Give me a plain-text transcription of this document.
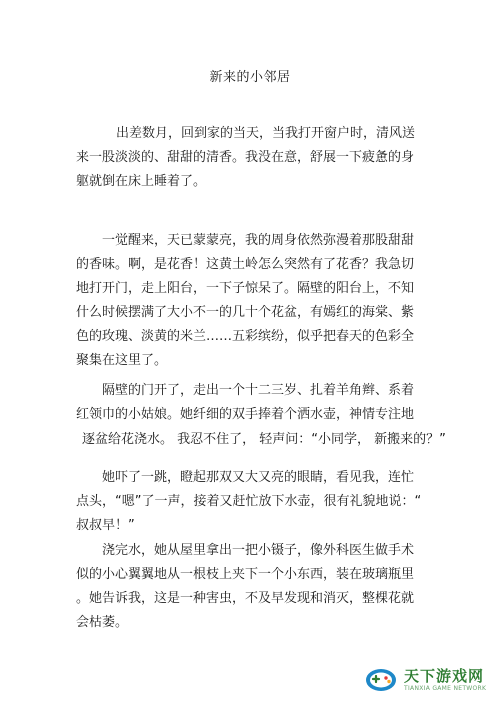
新来的小邻居
出差数月，回到家的当天，当我打开窗户时，清风送
来一股淡淡的、甜甜的清香。我没在意，舒展一下疲惫的身
躯就倒在床上睡着了。
一觉醒来，天已蒙蒙亮，我的周身依然弥漫着那股甜甜
的香味。啊，是花香！这黄土岭怎么突然有了花香？我急切
地打开门，走上阳台，一下子惊呆了。隔壁的阳台上，不知
什么时候摆满了大小不一的几十个花盆，有嫣红的海棠、紫
色的玫瑰、淡黄的米兰……五彩缤纷，似乎把春天的色彩全
聚集在这里了。
隔壁的门开了，走出一个十二三岁、扎着羊角辫、系着
红领巾的小姑娘。她纤细的双手捧着个洒水壶，神情专注地
逐盆给花浇水。 我忍不住了， 轻声问：“小同学， 新搬来的？”
她吓了一跳，瞪起那双又大又亮的眼睛，看见我，连忙
点头，“嗯”了一声，接着又赶忙放下水壶，很有礼貌地说：“
叔叔早！”
浇完水，她从屋里拿出一把小镊子，像外科医生做手术
似的小心翼翼地从一根枝上夹下一个小东西，装在玻璃瓶里
。她告诉我，这是一种害虫，不及早发现和消灭，整棵花就
会枯萎。
天下游戏网
TIANXIA GAME NETWORK
